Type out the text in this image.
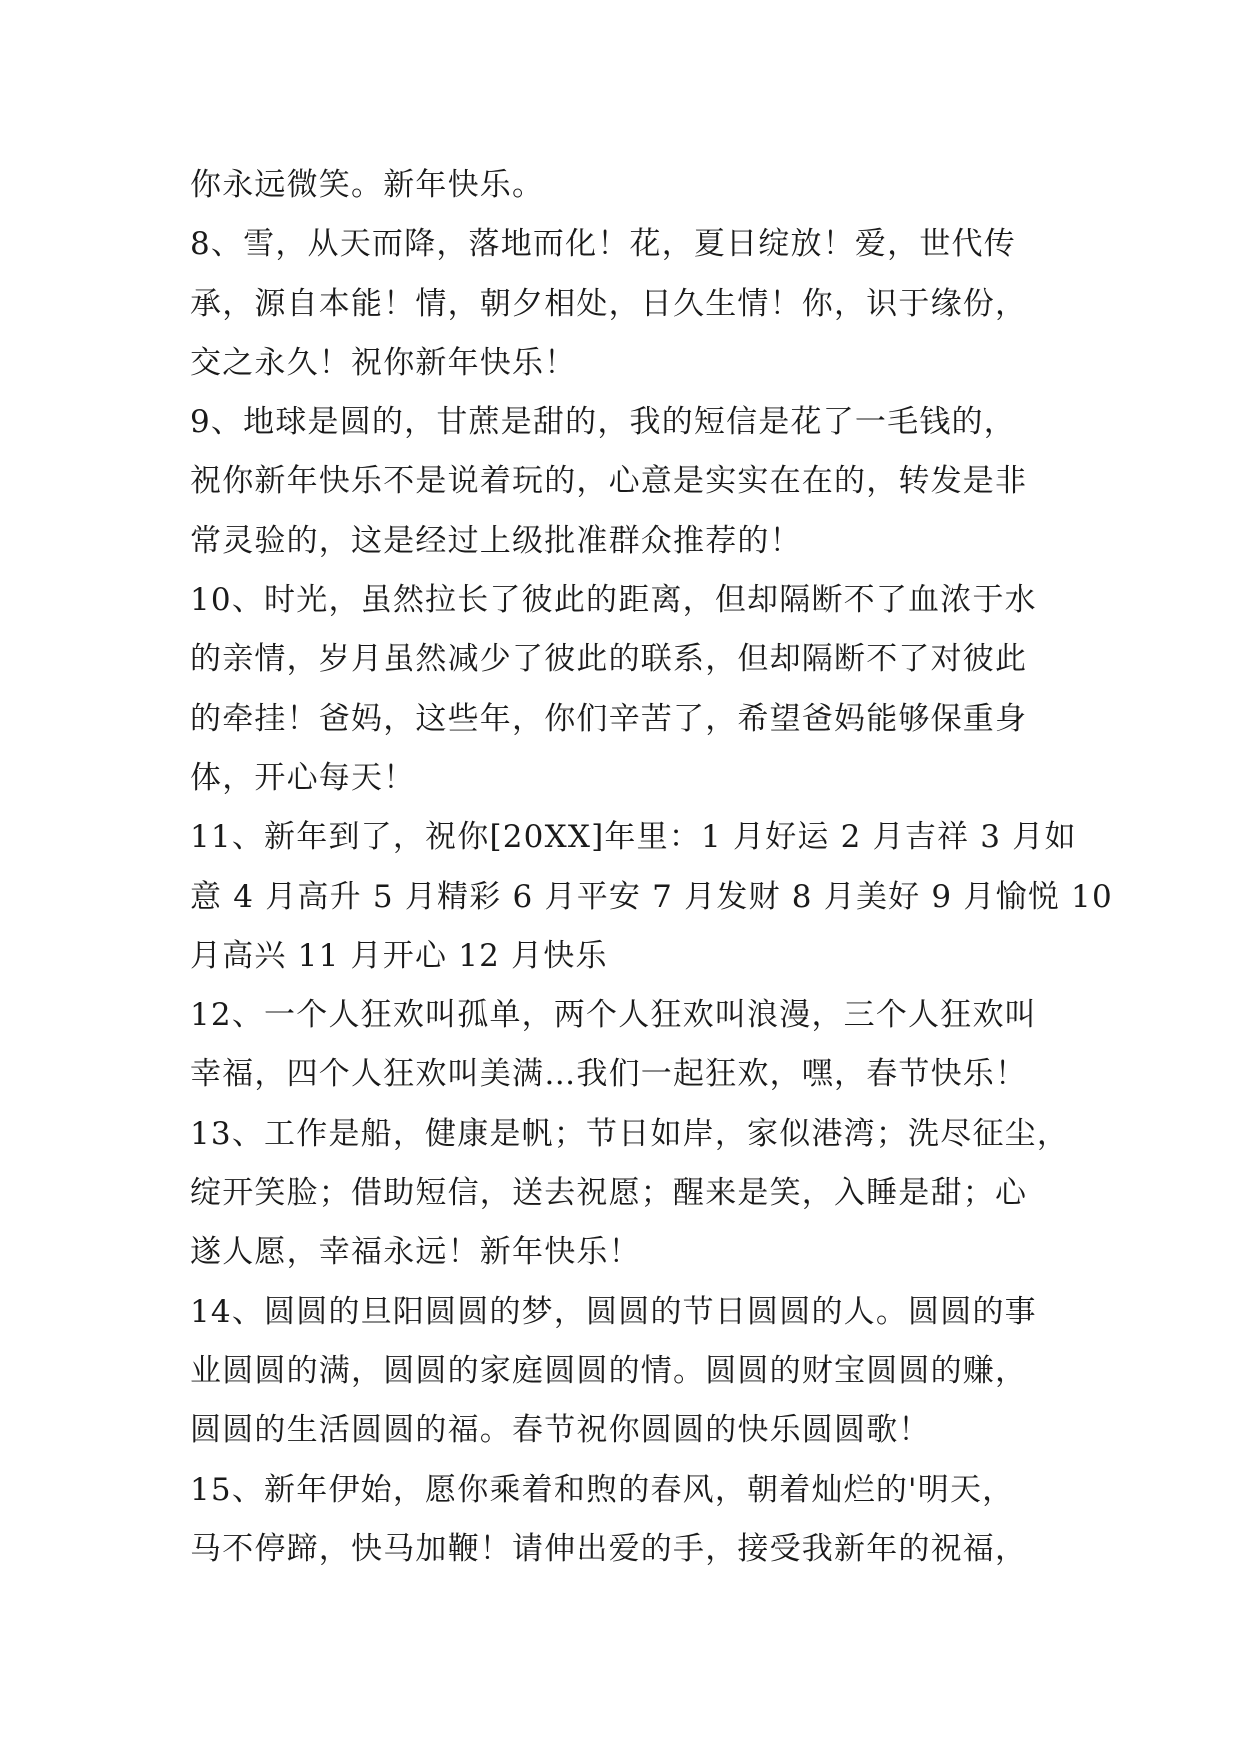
你永远微笑。新年快乐。
8、雪，从天而降，落地而化！花，夏日绽放！爱，世代传
承，源自本能！情，朝夕相处，日久生情！你，识于缘份，
交之永久！祝你新年快乐！
9、地球是圆的，甘蔗是甜的，我的短信是花了一毛钱的，
祝你新年快乐不是说着玩的，心意是实实在在的，转发是非
常灵验的，这是经过上级批准群众推荐的！
10、时光，虽然拉长了彼此的距离，但却隔断不了血浓于水
的亲情，岁月虽然减少了彼此的联系，但却隔断不了对彼此
的牵挂！爸妈，这些年，你们辛苦了，希望爸妈能够保重身
体，开心每天！
11、新年到了，祝你[20XX]年里：1 月好运 2 月吉祥 3 月如
意 4 月高升 5 月精彩 6 月平安 7 月发财 8 月美好 9 月愉悦 10
月高兴 11 月开心 12 月快乐
12、一个人狂欢叫孤单，两个人狂欢叫浪漫，三个人狂欢叫
幸福，四个人狂欢叫美满…我们一起狂欢，嘿，春节快乐！
13、工作是船，健康是帆；节日如岸，家似港湾；洗尽征尘，
绽开笑脸；借助短信，送去祝愿；醒来是笑，入睡是甜；心
遂人愿，幸福永远！新年快乐！
14、圆圆的旦阳圆圆的梦，圆圆的节日圆圆的人。圆圆的事
业圆圆的满，圆圆的家庭圆圆的情。圆圆的财宝圆圆的赚，
圆圆的生活圆圆的福。春节祝你圆圆的快乐圆圆歌！
15、新年伊始，愿你乘着和煦的春风，朝着灿烂的'明天，
马不停蹄，快马加鞭！请伸出爱的手，接受我新年的祝福，
